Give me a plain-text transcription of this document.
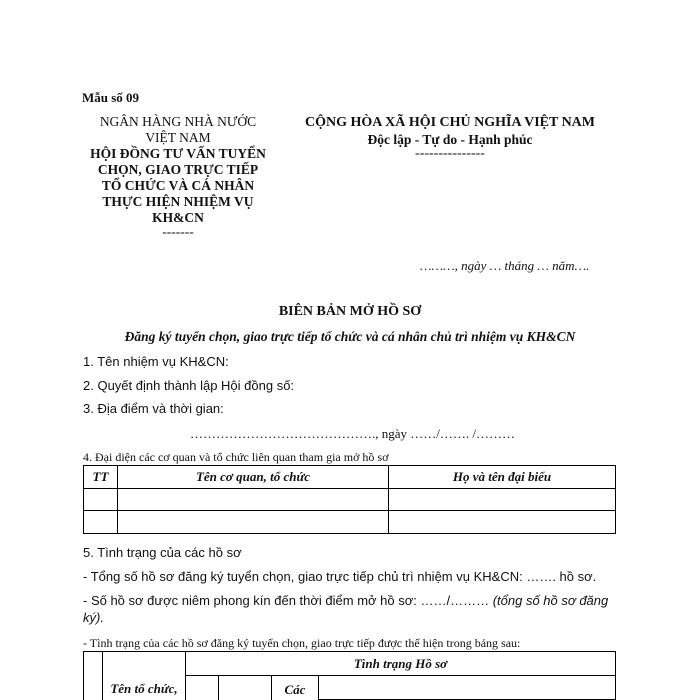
Mẫu số 09
NGÂN HÀNG NHÀ NƯỚC
VIỆT NAM
HỘI ĐỒNG TƯ VẤN TUYỂN
CHỌN, GIAO TRỰC TIẾP
TỔ CHỨC VÀ CÁ NHÂN
THỰC HIỆN NHIỆM VỤ
KH&CN
-------
CỘNG HÒA XÃ HỘI CHỦ NGHĨA VIỆT NAM
Độc lập - Tự do - Hạnh phúc
---------------
………, ngày … tháng … năm….
BIÊN BẢN MỞ HỒ SƠ
Đăng ký tuyển chọn, giao trực tiếp tổ chức và cá nhân chủ trì nhiệm vụ KH&CN
1. Tên nhiệm vụ KH&CN:
2. Quyết định thành lập Hội đồng số:
3. Địa điểm và thời gian:
……………………………………., ngày ……/……. /………
4. Đại diện các cơ quan và tổ chức liên quan tham gia mở hồ sơ
TT	Tên cơ quan, tổ chức	Họ và tên đại biểu

5. Tình trạng của các hồ sơ
- Tổng số hồ sơ đăng ký tuyển chọn, giao trực tiếp chủ trì nhiệm vụ KH&CN: ……. hồ sơ.
- Số hồ sơ được niêm phong kín đến thời điểm mở hồ sơ: ……/……… (tổng số hồ sơ đăng
ký).
- Tình trạng của các hồ sơ đăng ký tuyển chọn, giao trực tiếp được thể hiện trong bảng sau:
	Tên tổ chức,	Tình trạng Hồ sơ							
				Các					
